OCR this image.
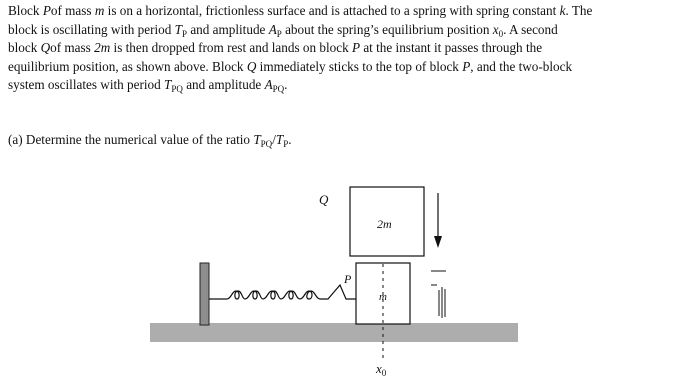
Block Pof mass m is on a horizontal, frictionless surface and is attached to a spring with spring constant k. The
block is oscillating with period $T_P$ and amplitude $A_P$ about the spring’s equilibrium position $x_0$. A second
block Qof mass 2m is then dropped from rest and lands on block P at the instant it passes through the
equilibrium position, as shown above. Block Q immediately sticks to the top of block P, and the two-block
system oscillates with period $T_{PQ}$ and amplitude $A_{PQ}$.
(a) Determine the numerical value of the ratio $T_{PQ}/T_P$.
Q
P
2m
m
$x_0$
